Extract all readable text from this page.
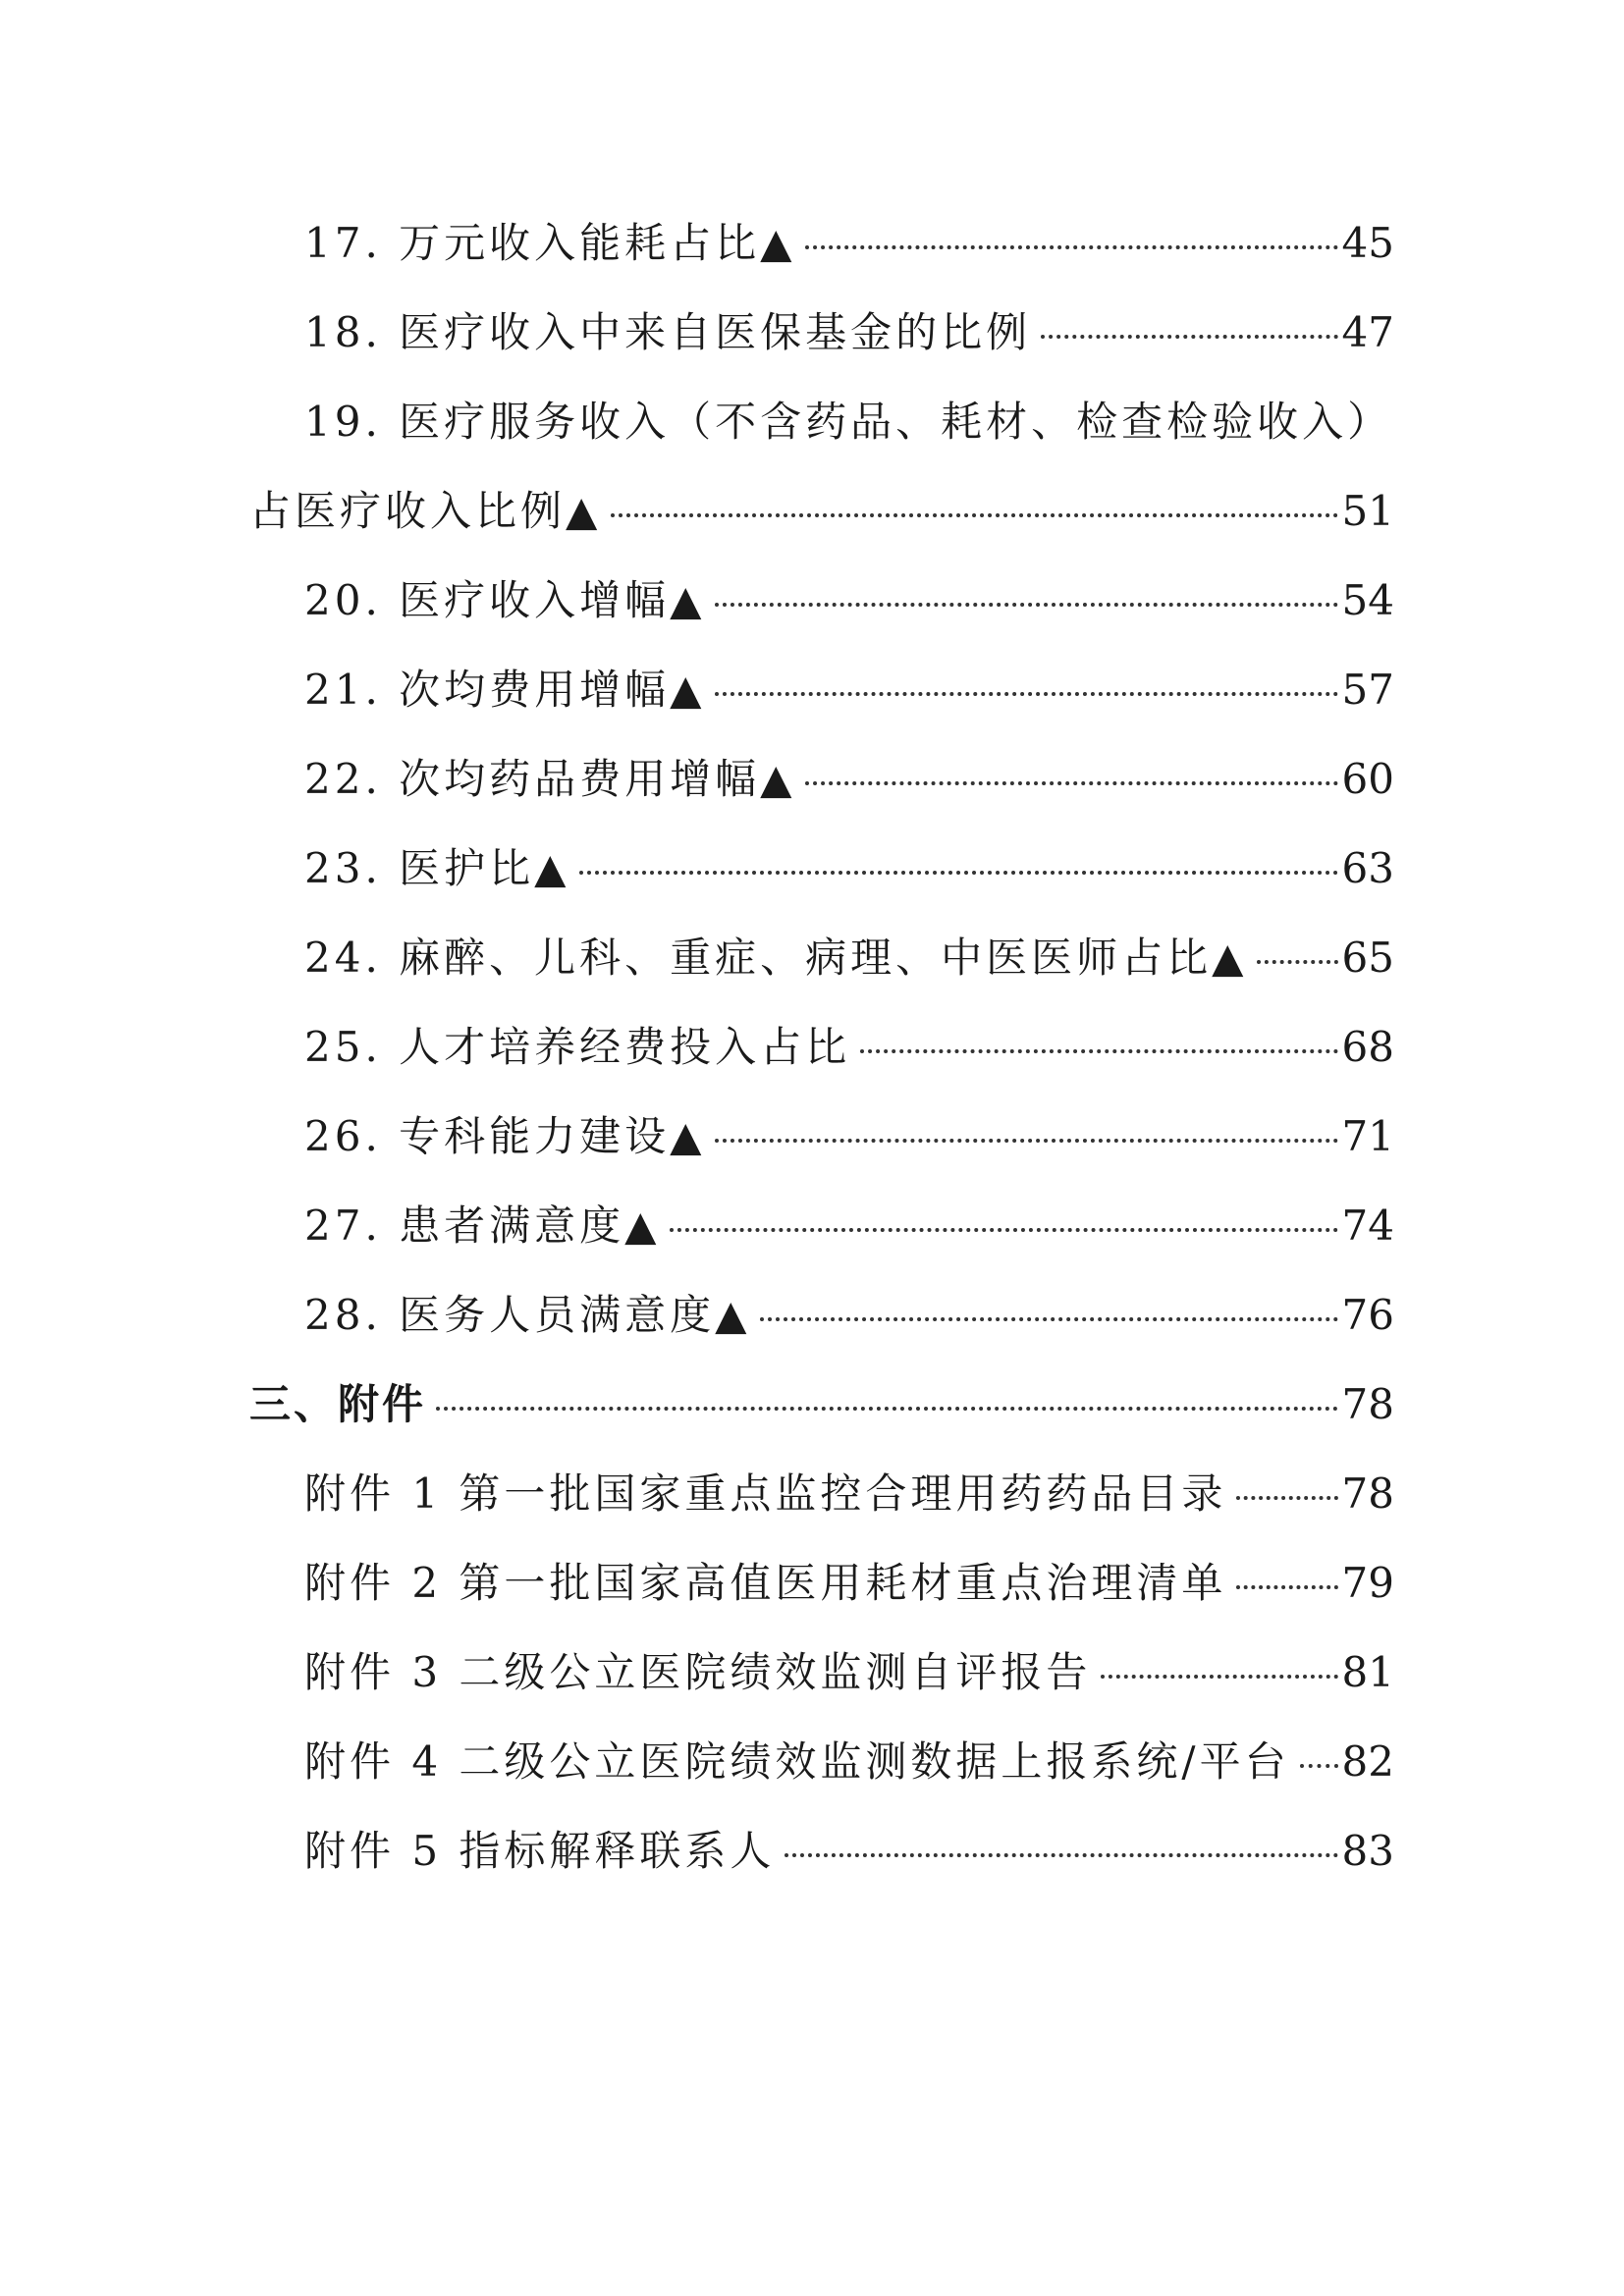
17. 万元收入能耗占比▲	45
18. 医疗收入中来自医保基金的比例	47
19. 医疗服务收入（不含药品、耗材、检查检验收入）
占医疗收入比例▲	51
20. 医疗收入增幅▲	54
21. 次均费用增幅▲	57
22. 次均药品费用增幅▲	60
23. 医护比▲	63
24. 麻醉、儿科、重症、病理、中医医师占比▲ 65
25. 人才培养经费投入占比	68
26. 专科能力建设▲	71
27. 患者满意度▲	74
28. 医务人员满意度▲	76
三、附件	78
附件 1 第一批国家重点监控合理用药药品目录	78
附件 2 第一批国家高值医用耗材重点治理清单	79
附件 3 二级公立医院绩效监测自评报告	81
附件 4 二级公立医院绩效监测数据上报系统/平台 82
附件 5 指标解释联系人	83
